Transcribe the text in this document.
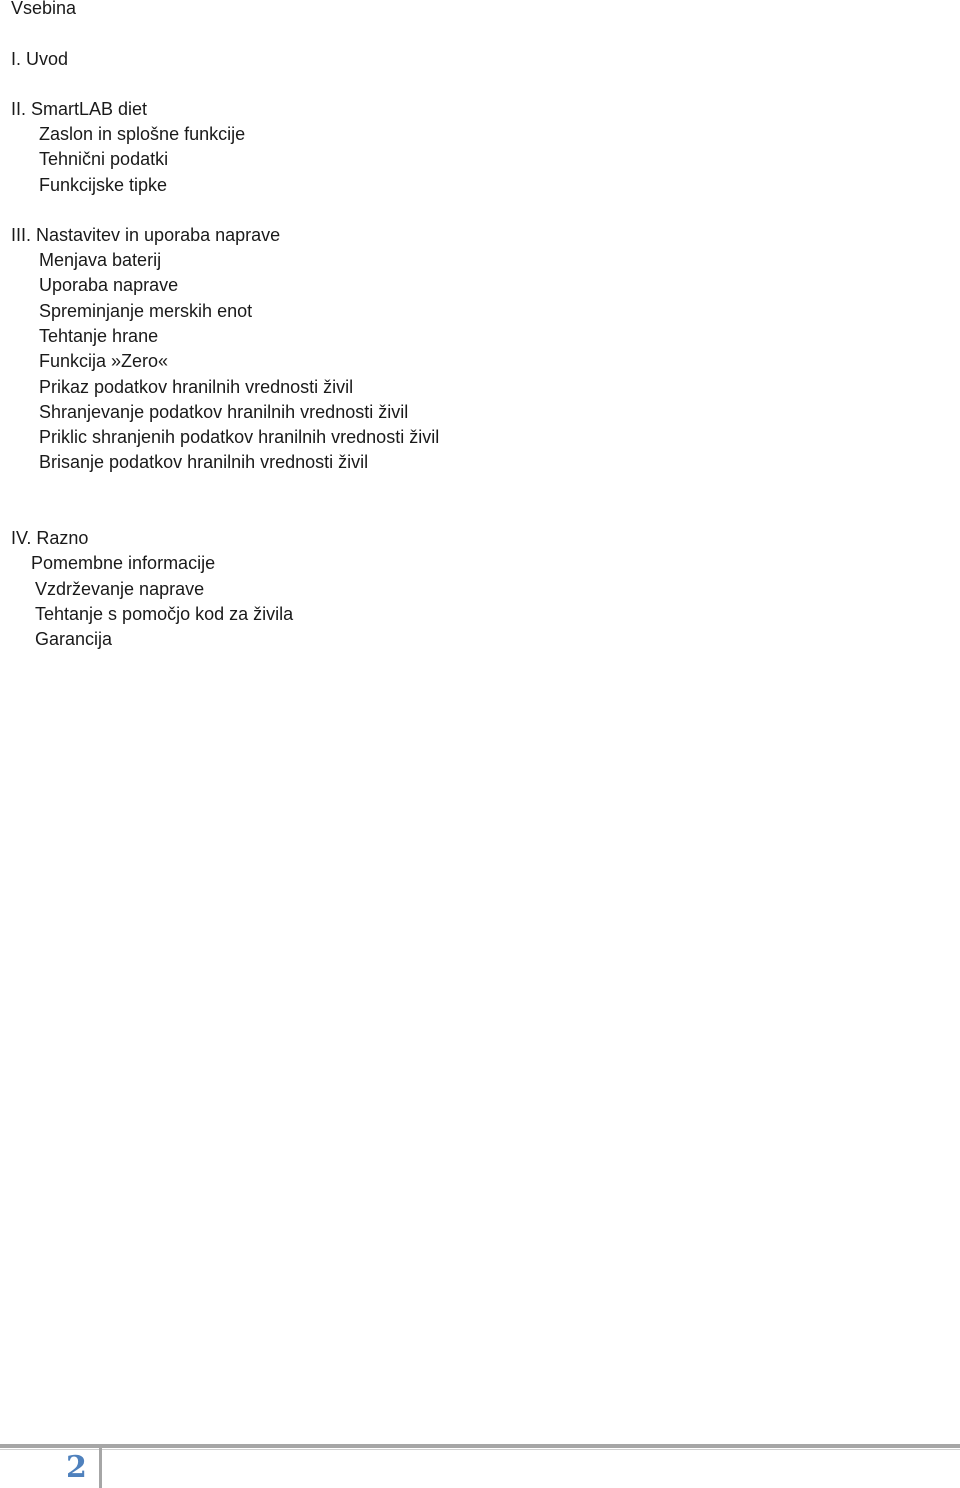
Vsebina
I. Uvod
II. SmartLAB diet
Zaslon in splošne funkcije
Tehnični podatki
Funkcijske tipke
III. Nastavitev in uporaba naprave
Menjava baterij
Uporaba naprave
Spreminjanje merskih enot
Tehtanje hrane
Funkcija »Zero«
Prikaz podatkov hranilnih vrednosti živil
Shranjevanje podatkov hranilnih vrednosti živil
Priklic shranjenih podatkov hranilnih vrednosti živil
Brisanje podatkov hranilnih vrednosti živil
IV. Razno
Pomembne informacije
Vzdrževanje naprave
Tehtanje s pomočjo kod za živila
Garancija
2
